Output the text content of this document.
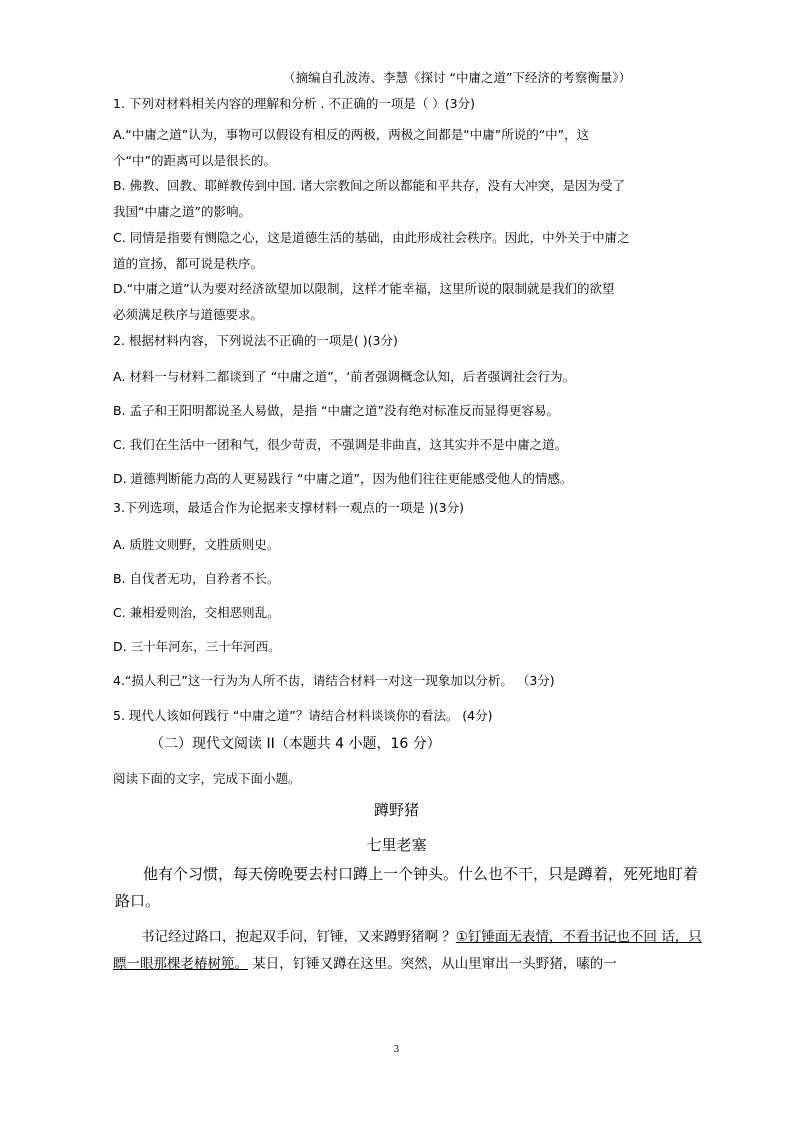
（摘编自孔波涛、李慧《探讨 “中庸之道”下经济的考察衡量》）
1. 下列对材料相关内容的理解和分析 . 不正确的一项是（ ）(3分)
A.“中庸之道”认为，事物可以假设有相反的两极，两极之间都是“中庸”所说的“中”，这
个“中”的距离可以是很长的。
B. 佛教、回教、耶鲜教传到中国. 诸大宗教间之所以都能和平共存，没有大冲突，是因为受了
我国“中庸之道”的影响。
C. 同情是指要有恻隐之心，这是道德生活的基础，由此形成社会秩序。因此，中外关于中庸之
道的宣扬，都可说是秩序。
D.“中庸之道”认为要对经济欲望加以限制，这样才能幸福，这里所说的限制就是我们的欲望
必须满足秩序与道德要求。
2. 根据材料内容，下列说法不正确的一项是( )(3分)
A. 材料一与材料二都谈到了 “中庸之道”，‘前者强调概念认知，后者强调社会行为。
B. 孟子和王阳明都说圣人易做，是指 “中庸之道”没有绝对标准反而显得更容易。
C. 我们在生活中一团和气，很少苛责，不强调是非曲直，这其实并不是中庸之道。
D. 道德判断能力高的人更易践行 “中庸之道”，因为他们往往更能感受他人的情感。
3.下列选项，最适合作为论据来支撑材料一观点的一项是 )(3分)
A. 质胜文则野，文胜质则史。
B. 自伐者无功，自矜者不长。
C. 兼相爱则治，交相恶则乱。
D. 三十年河东，三十年河西。
4.“损人利己”这一行为为人所不齿，请结合材料一对这一现象加以分析。 （3分)
5. 现代人该如何践行 “中庸之道”？请结合材料谈谈你的看法。 (4分)
（二）现代文阅读 II（本题共 4 小题，16 分）
阅读下面的文字，完成下面小题。
蹲野猪
七里老塞
他有个习惯，每天傍晚要去村口蹲上一个钟头。什么也不干，只是蹲着，死死地盯着
路口。
书记经过路口，抱起双手问，钉锤，又来蹲野猪啊 ？①钉锤面无表情，不看书记也不回 话，只
瞟一眼那棵老椿树篼。 某日，钉锤又蹲在这里。突然，从山里窜出一头野猪，嗉的一
3
